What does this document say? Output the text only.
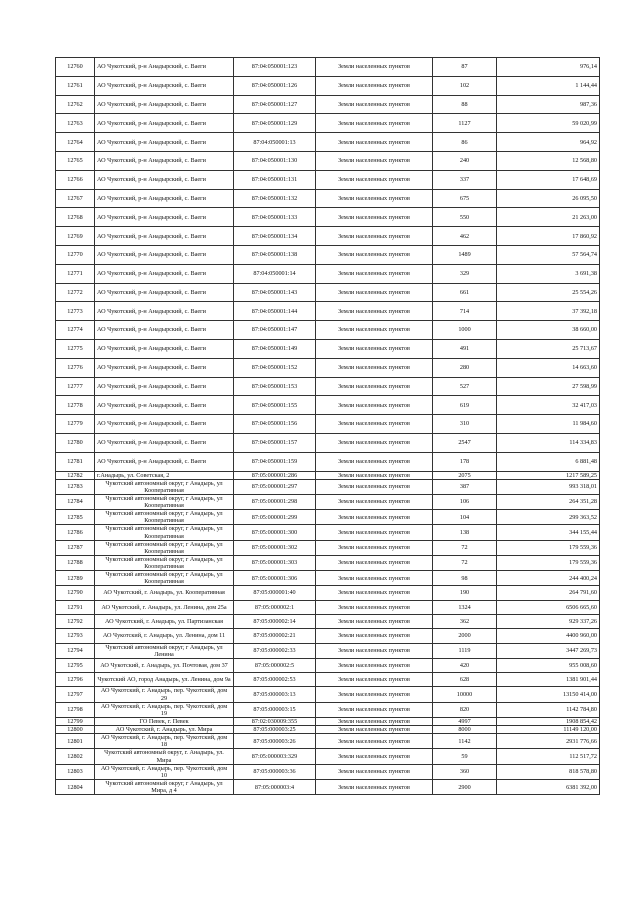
12760	АО Чукотский, р-н Анадырский, с. Ваеги	87:04:050001:123	Земли населенных пунктов	87	976,14
12761	АО Чукотский, р-н Анадырский, с. Ваеги	87:04:050001:126	Земли населенных пунктов	102	1 144,44
12762	АО Чукотский, р-н Анадырский, с. Ваеги	87:04:050001:127	Земли населенных пунктов	88	987,36
12763	АО Чукотский, р-н Анадырский, с. Ваеги	87:04:050001:129	Земли населенных пунктов	1127	59 020,99
12764	АО Чукотский, р-н Анадырский, с. Ваеги	87:04:050001:13	Земли населенных пунктов	86	964,92
12765	АО Чукотский, р-н Анадырский, с. Ваеги	87:04:050001:130	Земли населенных пунктов	240	12 568,80
12766	АО Чукотский, р-н Анадырский, с. Ваеги	87:04:050001:131	Земли населенных пунктов	337	17 648,69
12767	АО Чукотский, р-н Анадырский, с. Ваеги	87:04:050001:132	Земли населенных пунктов	675	26 095,50
12768	АО Чукотский, р-н Анадырский, с. Ваеги	87:04:050001:133	Земли населенных пунктов	550	21 263,00
12769	АО Чукотский, р-н Анадырский, с. Ваеги	87:04:050001:134	Земли населенных пунктов	462	17 860,92
12770	АО Чукотский, р-н Анадырский, с. Ваеги	87:04:050001:138	Земли населенных пунктов	1489	57 564,74
12771	АО Чукотский, р-н Анадырский, с. Ваеги	87:04:050001:14	Земли населенных пунктов	329	3 691,38
12772	АО Чукотский, р-н Анадырский, с. Ваеги	87:04:050001:143	Земли населенных пунктов	661	25 554,26
12773	АО Чукотский, р-н Анадырский, с. Ваеги	87:04:050001:144	Земли населенных пунктов	714	37 392,18
12774	АО Чукотский, р-н Анадырский, с. Ваеги	87:04:050001:147	Земли населенных пунктов	1000	38 660,00
12775	АО Чукотский, р-н Анадырский, с. Ваеги	87:04:050001:149	Земли населенных пунктов	491	25 713,67
12776	АО Чукотский, р-н Анадырский, с. Ваеги	87:04:050001:152	Земли населенных пунктов	280	14 663,60
12777	АО Чукотский, р-н Анадырский, с. Ваеги	87:04:050001:153	Земли населенных пунктов	527	27 598,99
12778	АО Чукотский, р-н Анадырский, с. Ваеги	87:04:050001:155	Земли населенных пунктов	619	32 417,03
12779	АО Чукотский, р-н Анадырский, с. Ваеги	87:04:050001:156	Земли населенных пунктов	310	11 984,60
12780	АО Чукотский, р-н Анадырский, с. Ваеги	87:04:050001:157	Земли населенных пунктов	2547	114 334,83
12781	АО Чукотский, р-н Анадырский, с. Ваеги	87:04:050001:159	Земли населенных пунктов	178	6 881,48
12782	г.Анадырь, ул. Советская, 2	87:05:000001:286	Земли населенных пунктов	2075	1217 589,25
12783	Чукотский автономный округ, г Анадырь, ул Кооперативная	87:05:000001:297	Земли населенных пунктов	387	993 318,01
12784	Чукотский автономный округ, г Анадырь, ул Кооперативная	87:05:000001:298	Земли населенных пунктов	106	264 351,28
12785	Чукотский автономный округ, г Анадырь, ул Кооперативная	87:05:000001:299	Земли населенных пунктов	104	299 363,52
12786	Чукотский автономный округ, г Анадырь, ул Кооперативная	87:05:000001:300	Земли населенных пунктов	138	344 155,44
12787	Чукотский автономный округ, г Анадырь, ул Кооперативная	87:05:000001:302	Земли населенных пунктов	72	179 559,36
12788	Чукотский автономный округ, г Анадырь, ул Кооперативная	87:05:000001:303	Земли населенных пунктов	72	179 559,36
12789	Чукотский автономный округ, г Анадырь, ул Кооперативная	87:05:000001:306	Земли населенных пунктов	98	244 400,24
12790	АО Чукотский, г. Анадырь, ул. Кооперативная	87:05:000001:40	Земли населенных пунктов	190	264 791,60
12791	АО Чукотский, г. Анадырь, ул. Ленина, дом 25а	87:05:000002:1	Земли населенных пунктов	1324	6506 665,60
12792	АО Чукотский, г. Анадырь, ул. Партизанская	87:05:000002:14	Земли населенных пунктов	362	929 337,26
12793	АО Чукотский, г. Анадырь, ул. Ленина, дом 11	87:05:000002:21	Земли населенных пунктов	2000	4400 960,00
12794	Чукотский автономный округ, г Анадырь, ул Ленина	87:05:000002:33	Земли населенных пунктов	1119	3447 269,73
12795	АО Чукотский, г. Анадырь, ул. Почтовая, дом 37	87:05:000002:5	Земли населенных пунктов	420	955 008,60
12796	Чукотский АО, город Анадырь, ул. Ленина, дом 9а	87:05:000002:53	Земли населенных пунктов	628	1381 901,44
12797	АО Чукотский, г. Анадырь, пер. Чукотский, дом 29	87:05:000003:13	Земли населенных пунктов	10000	13150 414,00
12798	АО Чукотский, г. Анадырь, пер. Чукотский, дом 19	87:05:000003:15	Земли населенных пунктов	820	1142 784,80
12799	ГО Певек, г. Певек	87:02:030009:355	Земли населенных пунктов	4997	1908 854,42
12800	АО Чукотский, г. Анадырь, ул. Мира	87:05:000003:25	Земли населенных пунктов	8000	11149 120,00
12801	АО Чукотский, г. Анадырь, пер. Чукотский, дом 18	87:05:000003:26	Земли населенных пунктов	1142	2931 776,66
12802	Чукотский автономный округ, г. Анадырь, ул. Мира	87:05:000003:329	Земли населенных пунктов	59	112 517,72
12803	АО Чукотский, г. Анадырь, пер. Чукотский, дом 10	87:05:000003:36	Земли населенных пунктов	360	818 578,80
12804	Чукотский автономный округ, г Анадырь, ул Мира, д 4	87:05:000003:4	Земли населенных пунктов	2900	6381 392,00
